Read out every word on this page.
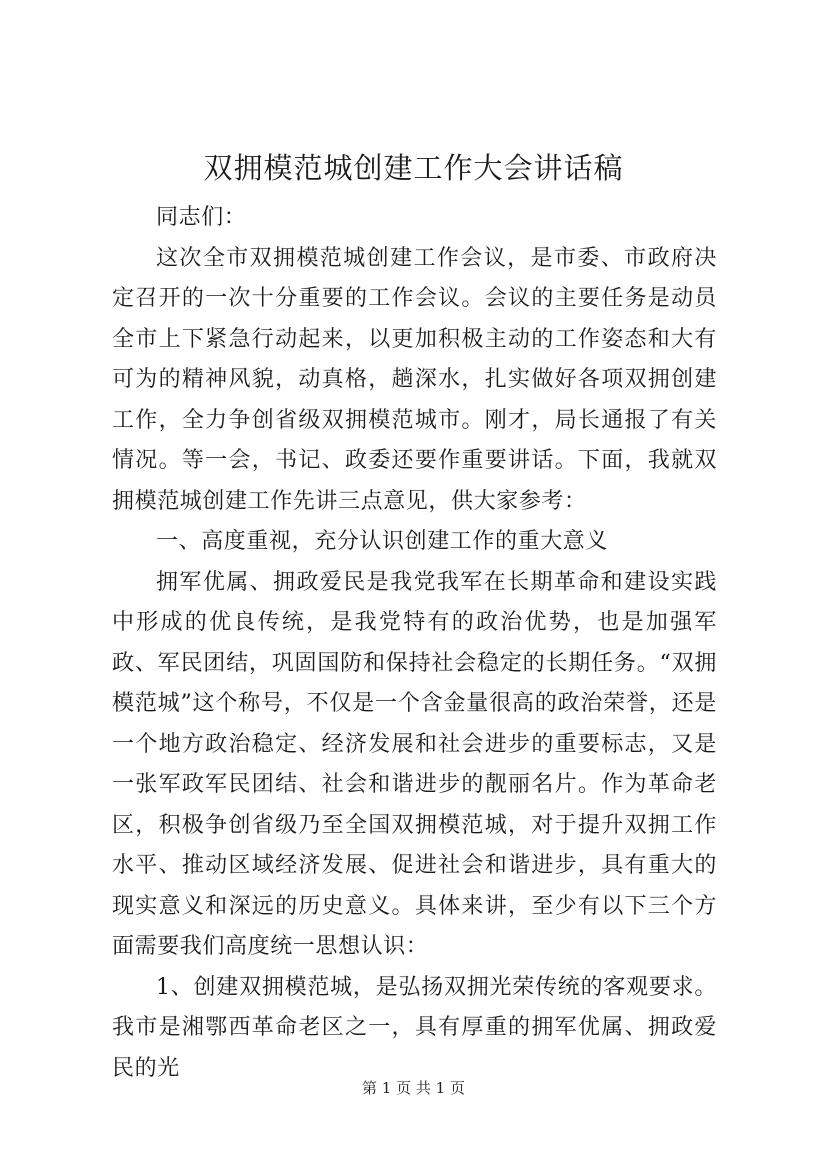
双拥模范城创建工作大会讲话稿

同志们：

这次全市双拥模范城创建工作会议，是市委、市政府决定召开的一次十分重要的工作会议。会议的主要任务是动员全市上下紧急行动起来，以更加积极主动的工作姿态和大有可为的精神风貌，动真格，趟深水，扎实做好各项双拥创建工作，全力争创省级双拥模范城市。刚才，局长通报了有关情况。等一会，书记、政委还要作重要讲话。下面，我就双拥模范城创建工作先讲三点意见，供大家参考：

一、高度重视，充分认识创建工作的重大意义

拥军优属、拥政爱民是我党我军在长期革命和建设实践中形成的优良传统，是我党特有的政治优势，也是加强军政、军民团结，巩固国防和保持社会稳定的长期任务。“双拥模范城”这个称号，不仅是一个含金量很高的政治荣誉，还是一个地方政治稳定、经济发展和社会进步的重要标志，又是一张军政军民团结、社会和谐进步的靓丽名片。作为革命老区，积极争创省级乃至全国双拥模范城，对于提升双拥工作水平、推动区域经济发展、促进社会和谐进步，具有重大的现实意义和深远的历史意义。具体来讲，至少有以下三个方面需要我们高度统一思想认识：

1、创建双拥模范城，是弘扬双拥光荣传统的客观要求。我市是湘鄂西革命老区之一，具有厚重的拥军优属、拥政爱民的光

第 1 页 共 1 页
